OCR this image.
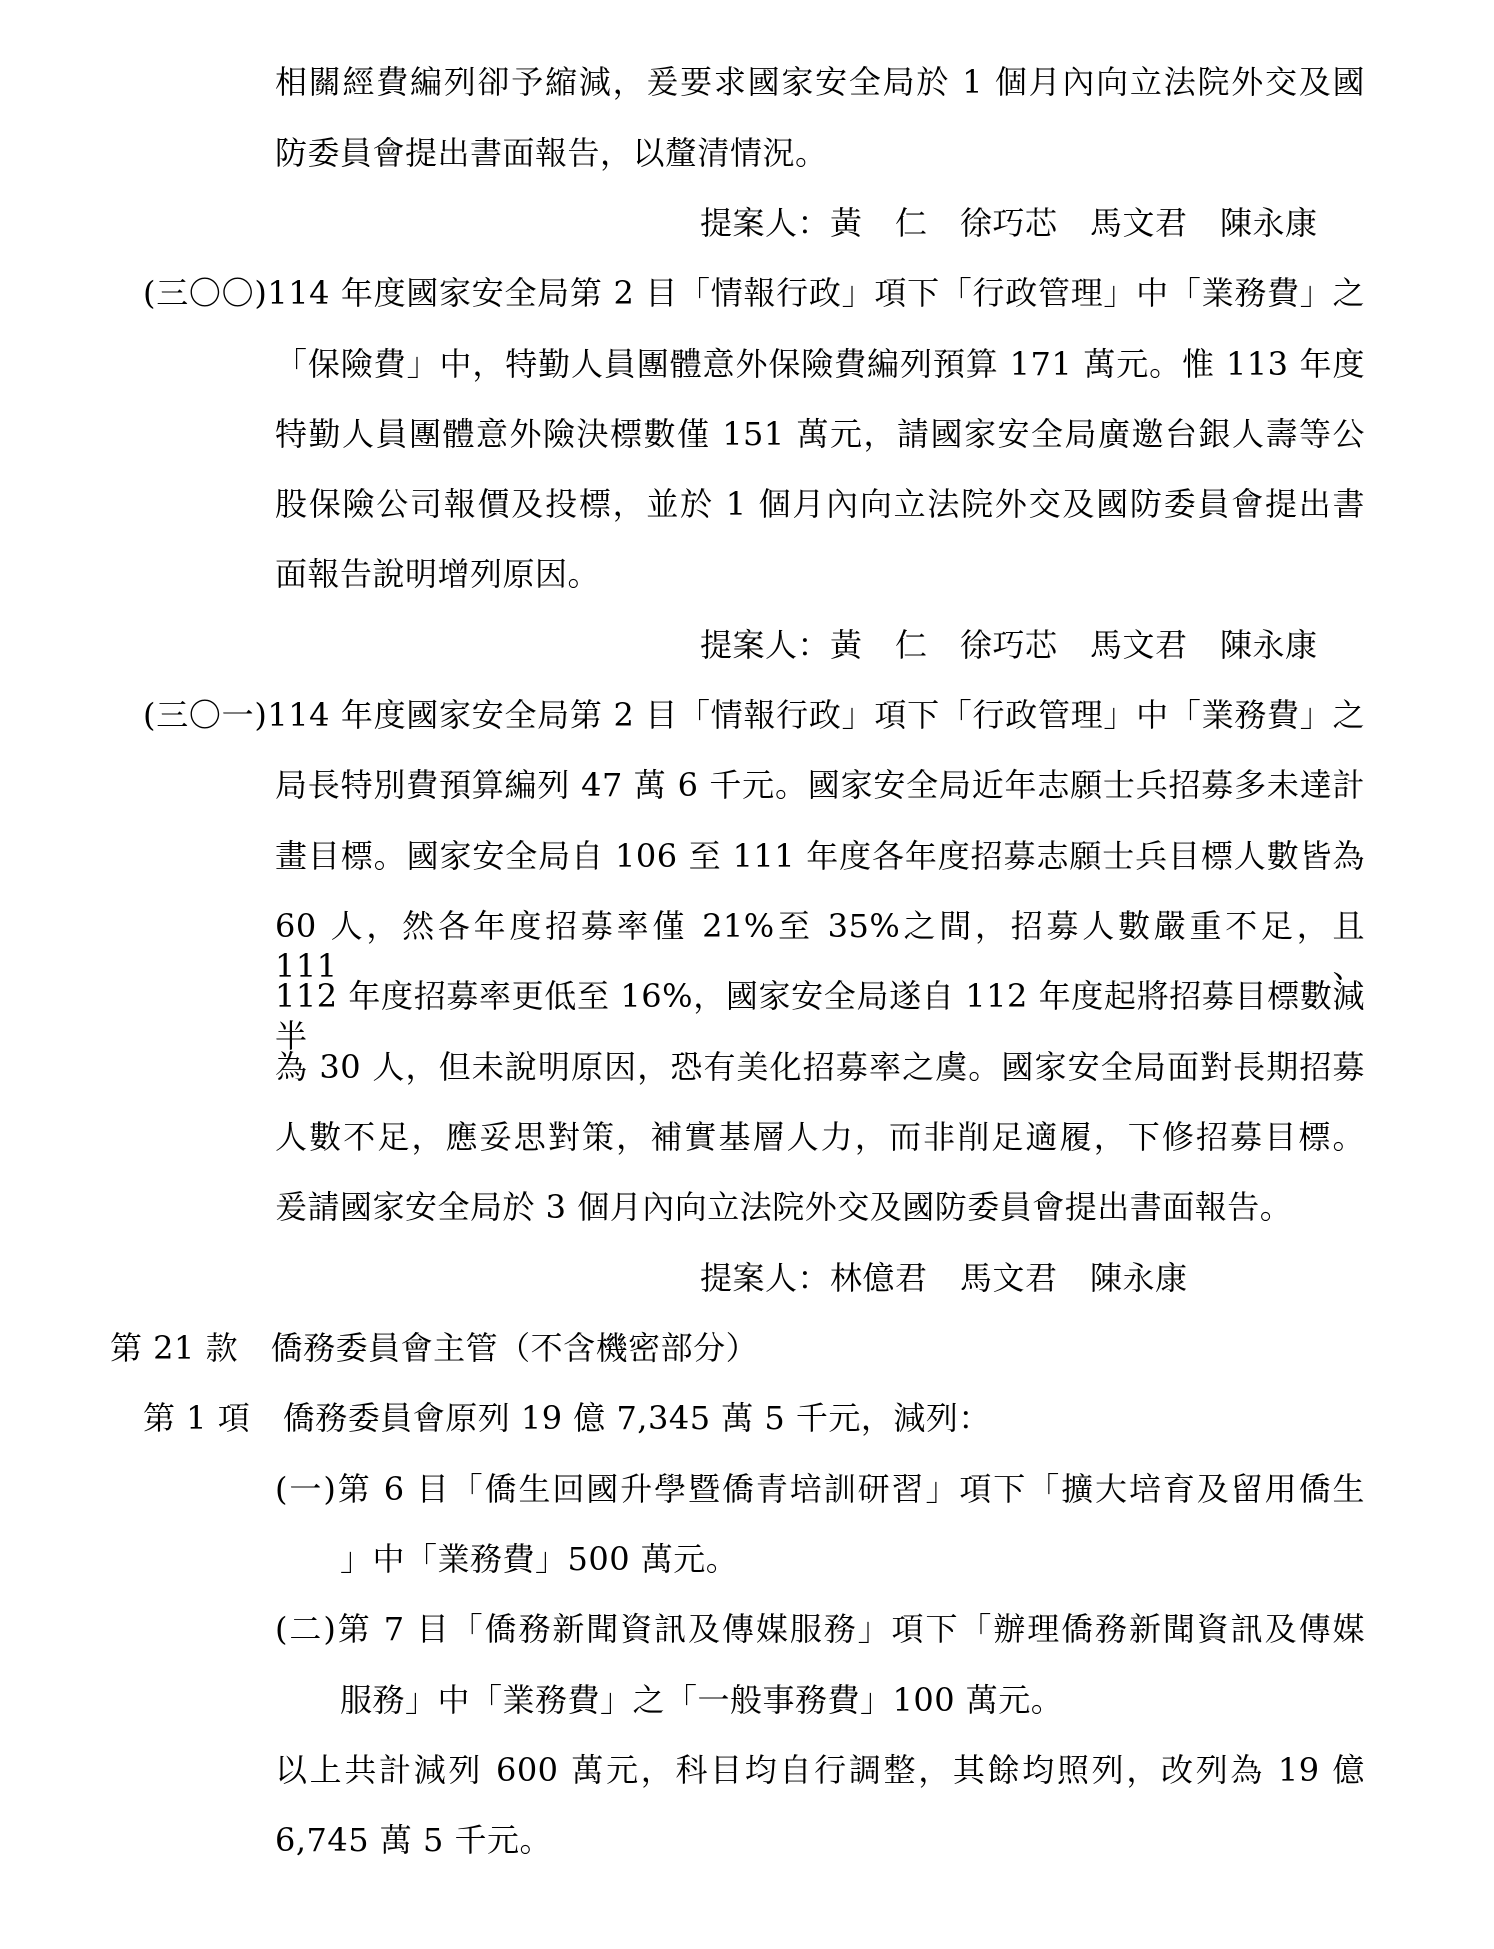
相關經費編列卻予縮減，爰要求國家安全局於 1 個月內向立法院外交及國
防委員會提出書面報告，以釐清情況。
提案人：黃　仁　徐巧芯　馬文君　陳永康
(三〇〇)114 年度國家安全局第 2 目「情報行政」項下「行政管理」中「業務費」之
「保險費」中，特勤人員團體意外保險費編列預算 171 萬元。惟 113 年度
特勤人員團體意外險決標數僅 151 萬元，請國家安全局廣邀台銀人壽等公
股保險公司報價及投標，並於 1 個月內向立法院外交及國防委員會提出書
面報告說明增列原因。
提案人：黃　仁　徐巧芯　馬文君　陳永康
(三〇一)114 年度國家安全局第 2 目「情報行政」項下「行政管理」中「業務費」之
局長特別費預算編列 47 萬 6 千元。國家安全局近年志願士兵招募多未達計
畫目標。國家安全局自 106 至 111 年度各年度招募志願士兵目標人數皆為
60 人，然各年度招募率僅 21%至 35%之間，招募人數嚴重不足，且 111、
112 年度招募率更低至 16%，國家安全局遂自 112 年度起將招募目標數減半
為 30 人，但未說明原因，恐有美化招募率之虞。國家安全局面對長期招募
人數不足，應妥思對策，補實基層人力，而非削足適履，下修招募目標。
爰請國家安全局於 3 個月內向立法院外交及國防委員會提出書面報告。
提案人：林億君　馬文君　陳永康
第 21 款　僑務委員會主管（不含機密部分）
第 1 項　僑務委員會原列 19 億 7,345 萬 5 千元，減列：
(一)第 6 目「僑生回國升學暨僑青培訓研習」項下「擴大培育及留用僑生
」中「業務費」500 萬元。
(二)第 7 目「僑務新聞資訊及傳媒服務」項下「辦理僑務新聞資訊及傳媒
服務」中「業務費」之「一般事務費」100 萬元。
以上共計減列 600 萬元，科目均自行調整，其餘均照列，改列為 19 億
6,745 萬 5 千元。
